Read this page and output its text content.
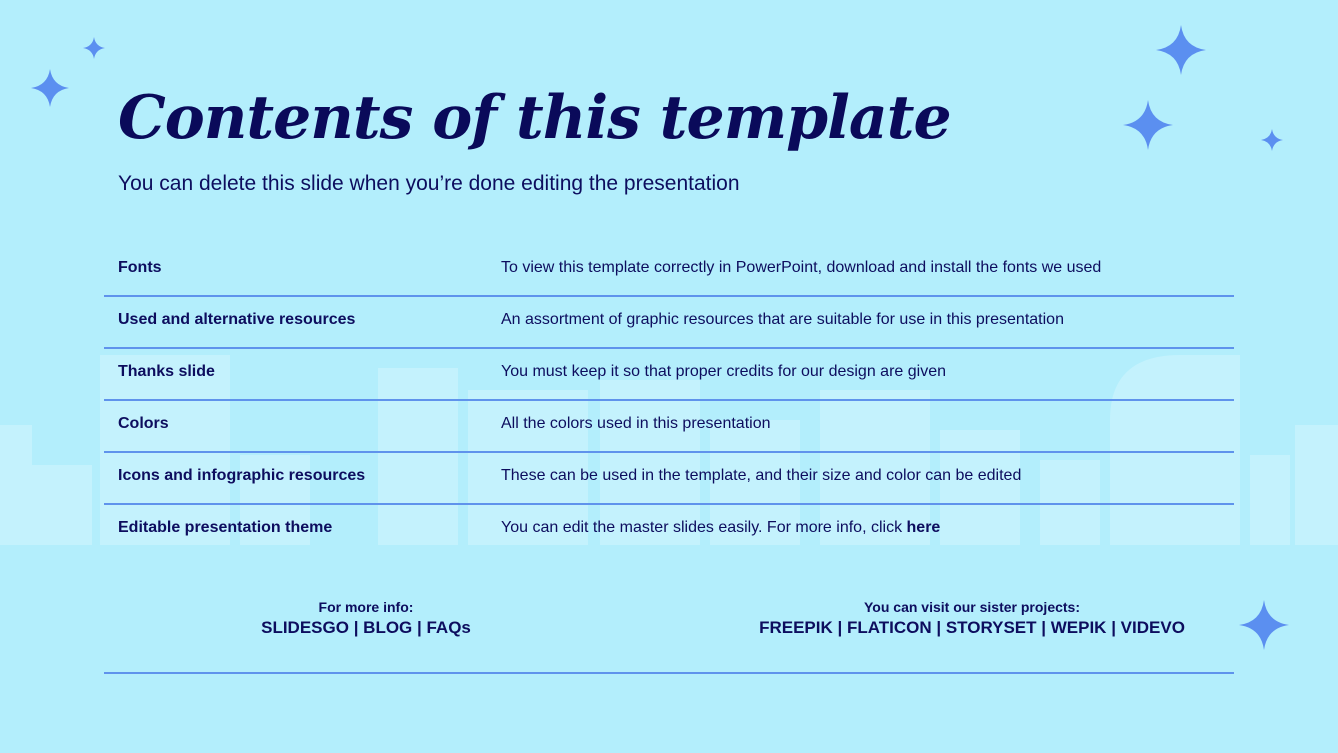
Contents of this template

You can delete this slide when you’re done editing the presentation

Fonts	To view this template correctly in PowerPoint, download and install the fonts we used
Used and alternative resources	An assortment of graphic resources that are suitable for use in this presentation
Thanks slide	You must keep it so that proper credits for our design are given
Colors	All the colors used in this presentation
Icons and infographic resources	These can be used in the template, and their size and color can be edited
Editable presentation theme	You can edit the master slides easily. For more info, click here
For more info:
SLIDESGO | BLOG | FAQs
You can visit our sister projects:
FREEPIK | FLATICON | STORYSET | WEPIK | VIDEVO
